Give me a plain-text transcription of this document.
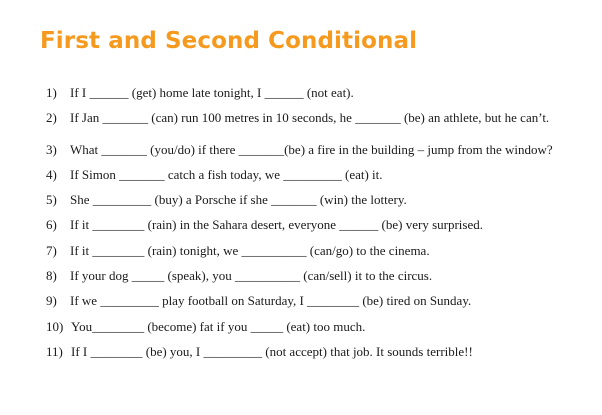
First and Second Conditional
1)	If I ______ (get) home late tonight, I ______ (not eat).
2)	If Jan _______ (can) run 100 metres in 10 seconds, he _______ (be) an athlete, but he can’t.
3)	What _______ (you/do) if there _______(be) a fire in the building – jump from the window?
4)	If Simon _______ catch a fish today, we _________ (eat) it.
5)	She _________ (buy) a Porsche if she _______ (win) the lottery.
6)	If it ________ (rain) in the Sahara desert, everyone ______ (be) very surprised.
7)	If it ________ (rain) tonight, we __________ (can/go) to the cinema.
8)	If your dog _____ (speak), you __________ (can/sell) it to the circus.
9)	If we _________ play football on Saturday, I ________ (be) tired on Sunday.
10) You________ (become) fat if you _____ (eat) too much.
11) If I ________ (be) you, I _________ (not accept) that job. It sounds terrible!!
